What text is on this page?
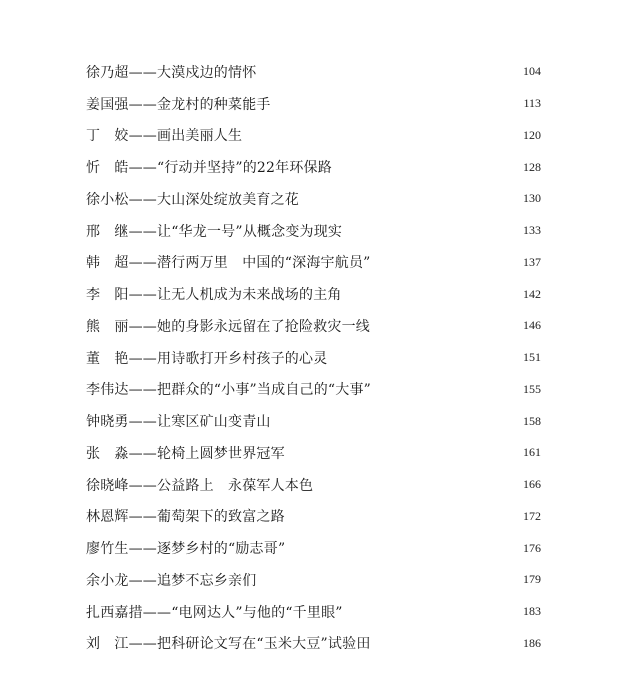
徐乃超——大漠戍边的情怀	104
姜国强——金龙村的种菜能手	113
丁　姣——画出美丽人生	120
忻　皓——“行动并坚持”的22年环保路	128
徐小松——大山深处绽放美育之花	130
邢　继——让“华龙一号”从概念变为现实	133
韩　超——潜行两万里　中国的“深海宇航员”	137
李　阳——让无人机成为未来战场的主角	142
熊　丽——她的身影永远留在了抢险救灾一线	146
董　艳——用诗歌打开乡村孩子的心灵	151
李伟达——把群众的“小事”当成自己的“大事”	155
钟晓勇——让寒区矿山变青山	158
张　淼——轮椅上圆梦世界冠军	161
徐晓峰——公益路上　永葆军人本色	166
林恩辉——葡萄架下的致富之路	172
廖竹生——逐梦乡村的“励志哥”	176
余小龙——追梦不忘乡亲们	179
扎西嘉措——“电网达人”与他的“千里眼”	183
刘　江——把科研论文写在“玉米大豆”试验田	186
